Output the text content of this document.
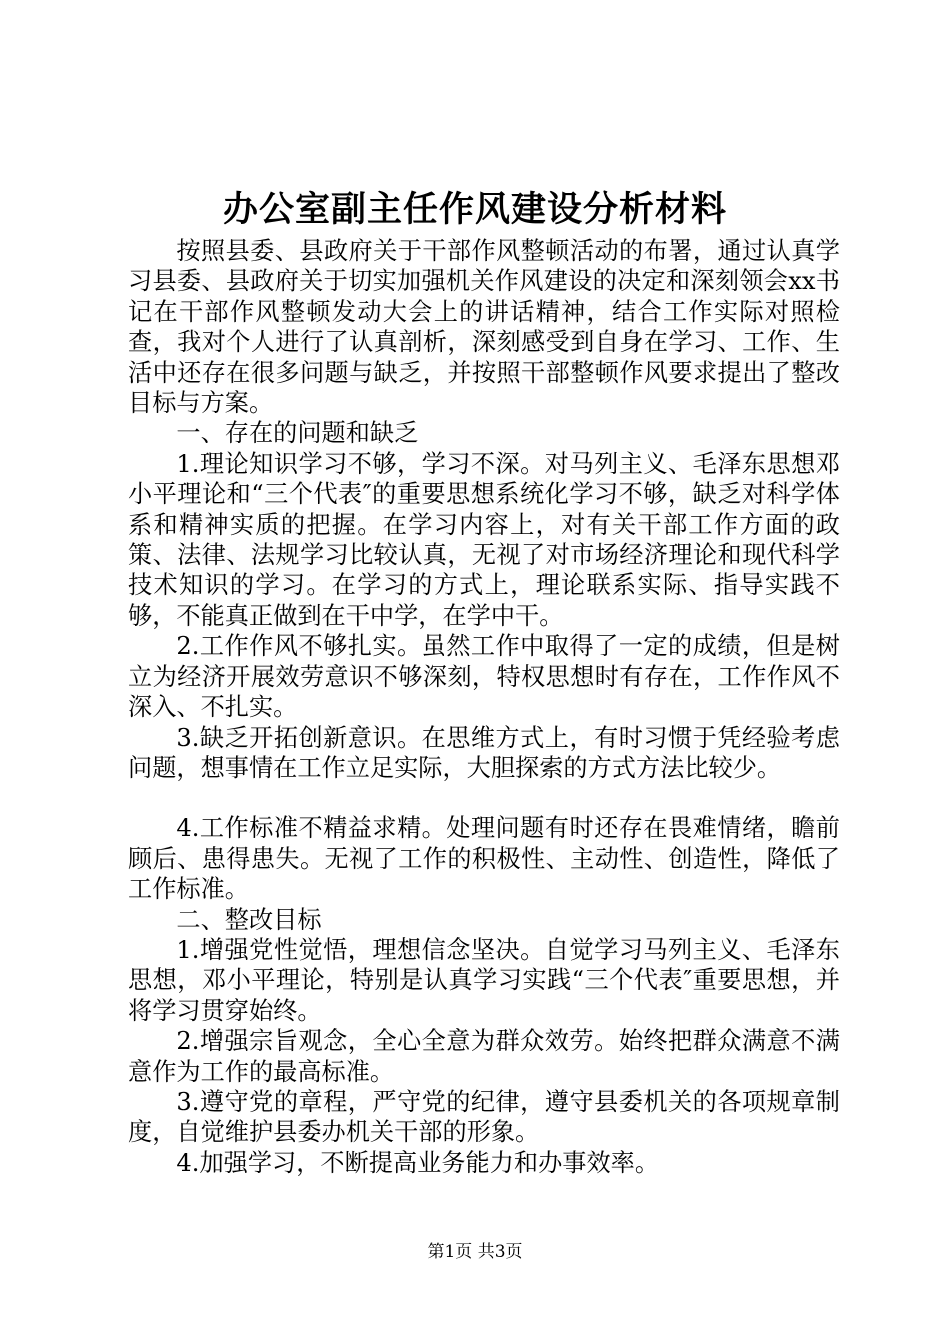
办公室副主任作风建设分析材料

按照县委、县政府关于干部作风整顿活动的布署，通过认真学习县委、县政府关于切实加强机关作风建设的决定和深刻领会xx书记在干部作风整顿发动大会上的讲话精神，结合工作实际对照检查，我对个人进行了认真剖析，深刻感受到自身在学习、工作、生活中还存在很多问题与缺乏，并按照干部整顿作风要求提出了整改目标与方案。

一、存在的问题和缺乏

1.理论知识学习不够，学习不深。对马列主义、毛泽东思想邓小平理论和“三个代表″的重要思想系统化学习不够，缺乏对科学体系和精神实质的把握。在学习内容上，对有关干部工作方面的政策、法律、法规学习比较认真，无视了对市场经济理论和现代科学技术知识的学习。在学习的方式上，理论联系实际、指导实践不够，不能真正做到在干中学，在学中干。

2.工作作风不够扎实。虽然工作中取得了一定的成绩，但是树立为经济开展效劳意识不够深刻，特权思想时有存在，工作作风不深入、不扎实。

3.缺乏开拓创新意识。在思维方式上，有时习惯于凭经验考虑问题，想事情在工作立足实际，大胆探索的方式方法比较少。

4.工作标准不精益求精。处理问题有时还存在畏难情绪，瞻前顾后、患得患失。无视了工作的积极性、主动性、创造性，降低了工作标准。

二、整改目标

1.增强党性觉悟，理想信念坚决。自觉学习马列主义、毛泽东思想，邓小平理论，特别是认真学习实践“三个代表″重要思想，并将学习贯穿始终。

2.增强宗旨观念，全心全意为群众效劳。始终把群众满意不满意作为工作的最高标准。

3.遵守党的章程，严守党的纪律，遵守县委机关的各项规章制度，自觉维护县委办机关干部的形象。

4.加强学习，不断提高业务能力和办事效率。

第1页 共3页
